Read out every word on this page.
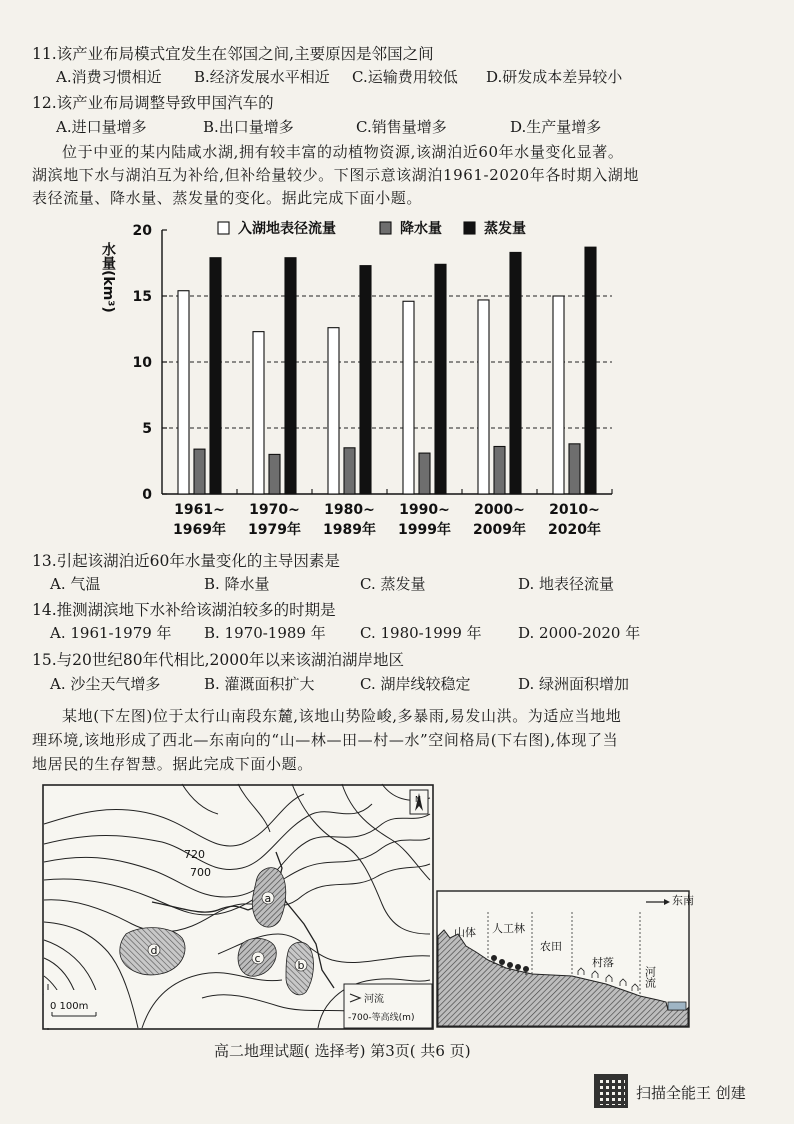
11.该产业布局模式宜发生在邻国之间,主要原因是邻国之间
A.消费习惯相近 B.经济发展水平相近 C.运输费用较低 D.研发成本差异较小
12.该产业布局调整导致甲国汽车的
A.进口量增多	B.出口量增多	C.销售量增多	D.生产量增多
位于中亚的某内陆咸水湖,拥有较丰富的动植物资源,该湖泊近60年水量变化显著。
湖滨地下水与湖泊互为补给,但补给量较少。下图示意该湖泊1961-2020年各时期入湖地
表径流量、降水量、蒸发量的变化。据此完成下面小题。
0
5
10
15
20
水量(km³)
1961~
1969年
1970~
1979年
1980~
1989年
1990~
1999年
2000~
2009年
2010~
2020年
入湖地表径流量	降水量	蒸发量
13.引起该湖泊近60年水量变化的主导因素是
A. 气温	B. 降水量	C. 蒸发量	D. 地表径流量
14.推测湖滨地下水补给该湖泊较多的时期是
A. 1961-1979 年 B. 1970-1989 年 C. 1980-1999 年 D. 2000-2020 年
15.与20世纪80年代相比,2000年以来该湖泊湖岸地区
A. 沙尘天气增多	B. 灌溉面积扩大	C. 湖岸线较稳定	D. 绿洲面积增加
某地(下左图)位于太行山南段东麓,该地山势险峻,多暴雨,易发山洪。为适应当地地
理环境,该地形成了西北—东南向的“山—林—田—村—水”空间格局(下右图),体现了当
地居民的生存智慧。据此完成下面小题。
720
700
a
b
c
d
N
0 100m
河流
-700-等高线(m)
东南
山体 人工林
农田
村落
河流
高二地理试题( 选择考) 第3页( 共6 页)
扫描全能王 创建
